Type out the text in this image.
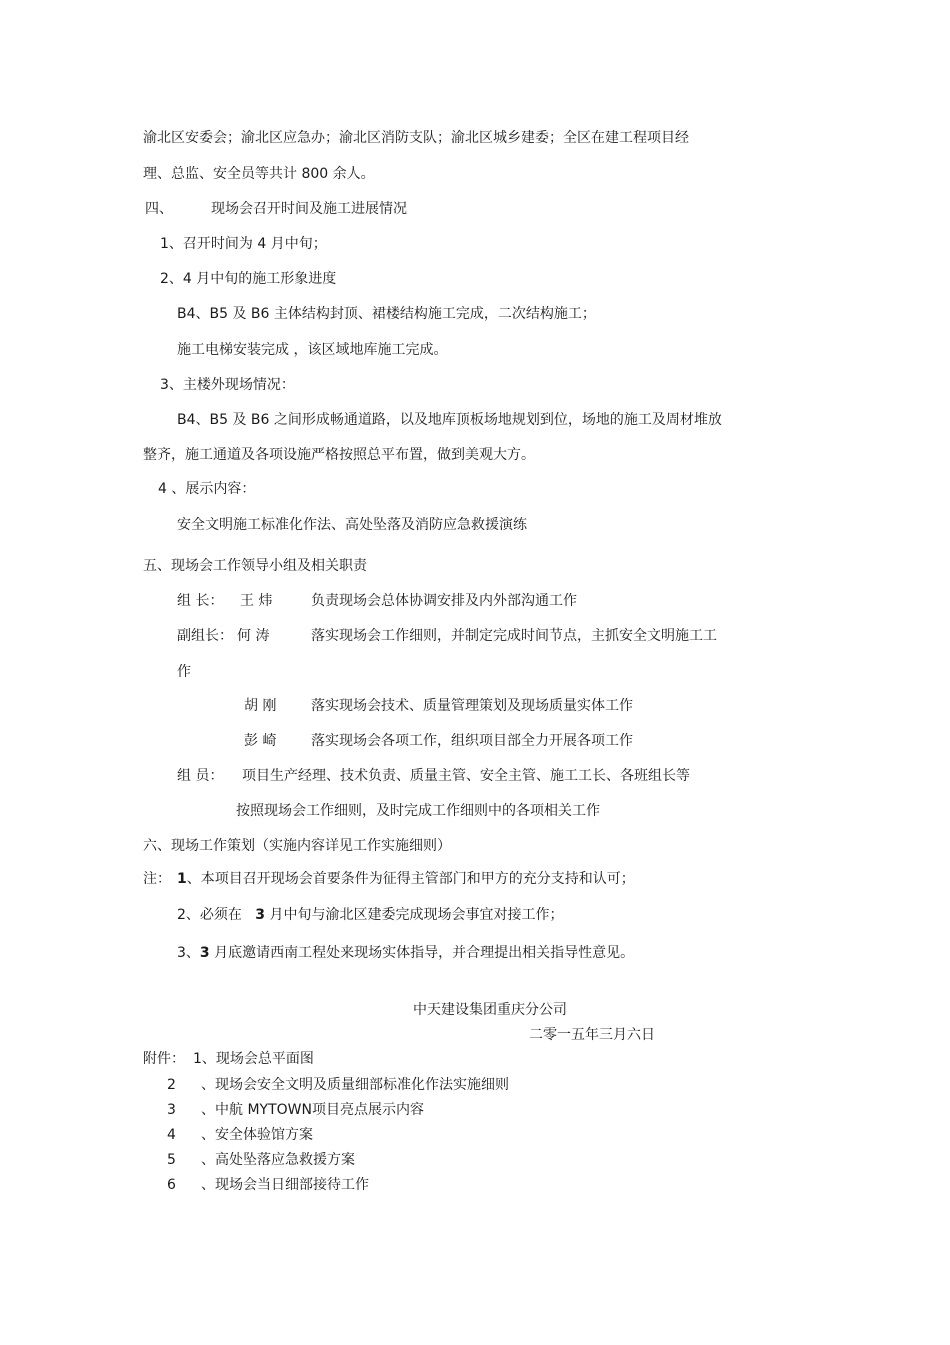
渝北区安委会；渝北区应急办；渝北区消防支队；渝北区城乡建委；全区在建工程项目经
理、总监、安全员等共计 800 余人。
四、	现场会召开时间及施工进展情况
1、召开时间为 4 月中旬；
2、4 月中旬的施工形象进度
B4、B5 及 B6 主体结构封顶、裙楼结构施工完成，二次结构施工；
施工电梯安装完成 ，该区域地库施工完成。
3、主楼外现场情况：
B4、B5 及 B6 之间形成畅通道路，以及地库顶板场地规划到位，场地的施工及周材堆放
整齐，施工通道及各项设施严格按照总平布置，做到美观大方。
4 、展示内容：
安全文明施工标准化作法、高处坠落及消防应急救援演练
五、现场会工作领导小组及相关职责
组 长： 王 炜	负责现场会总体协调安排及内外部沟通工作
副组长： 何 涛	落实现场会工作细则，并制定完成时间节点，主抓安全文明施工工
作
胡 刚 落实现场会技术、质量管理策划及现场质量实体工作
彭 崎 落实现场会各项工作，组织项目部全力开展各项工作
组 员： 项目生产经理、技术负责、质量主管、安全主管、施工工长、各班组长等
按照现场会工作细则，及时完成工作细则中的各项相关工作
六、现场工作策划（实施内容详见工作实施细则）
注： 1、本项目召开现场会首要条件为征得主管部门和甲方的充分支持和认可；
2、必须在 3 月中旬与渝北区建委完成现场会事宜对接工作；
3、3 月底邀请西南工程处来现场实体指导，并合理提出相关指导性意见。
中天建设集团重庆分公司
二零一五年三月六日
附件： 1、现场会总平面图
2 、现场会安全文明及质量细部标准化作法实施细则
3 、中航 MYTOWN项目亮点展示内容
4 、安全体验馆方案
5 、高处坠落应急救援方案
6 、现场会当日细部接待工作
